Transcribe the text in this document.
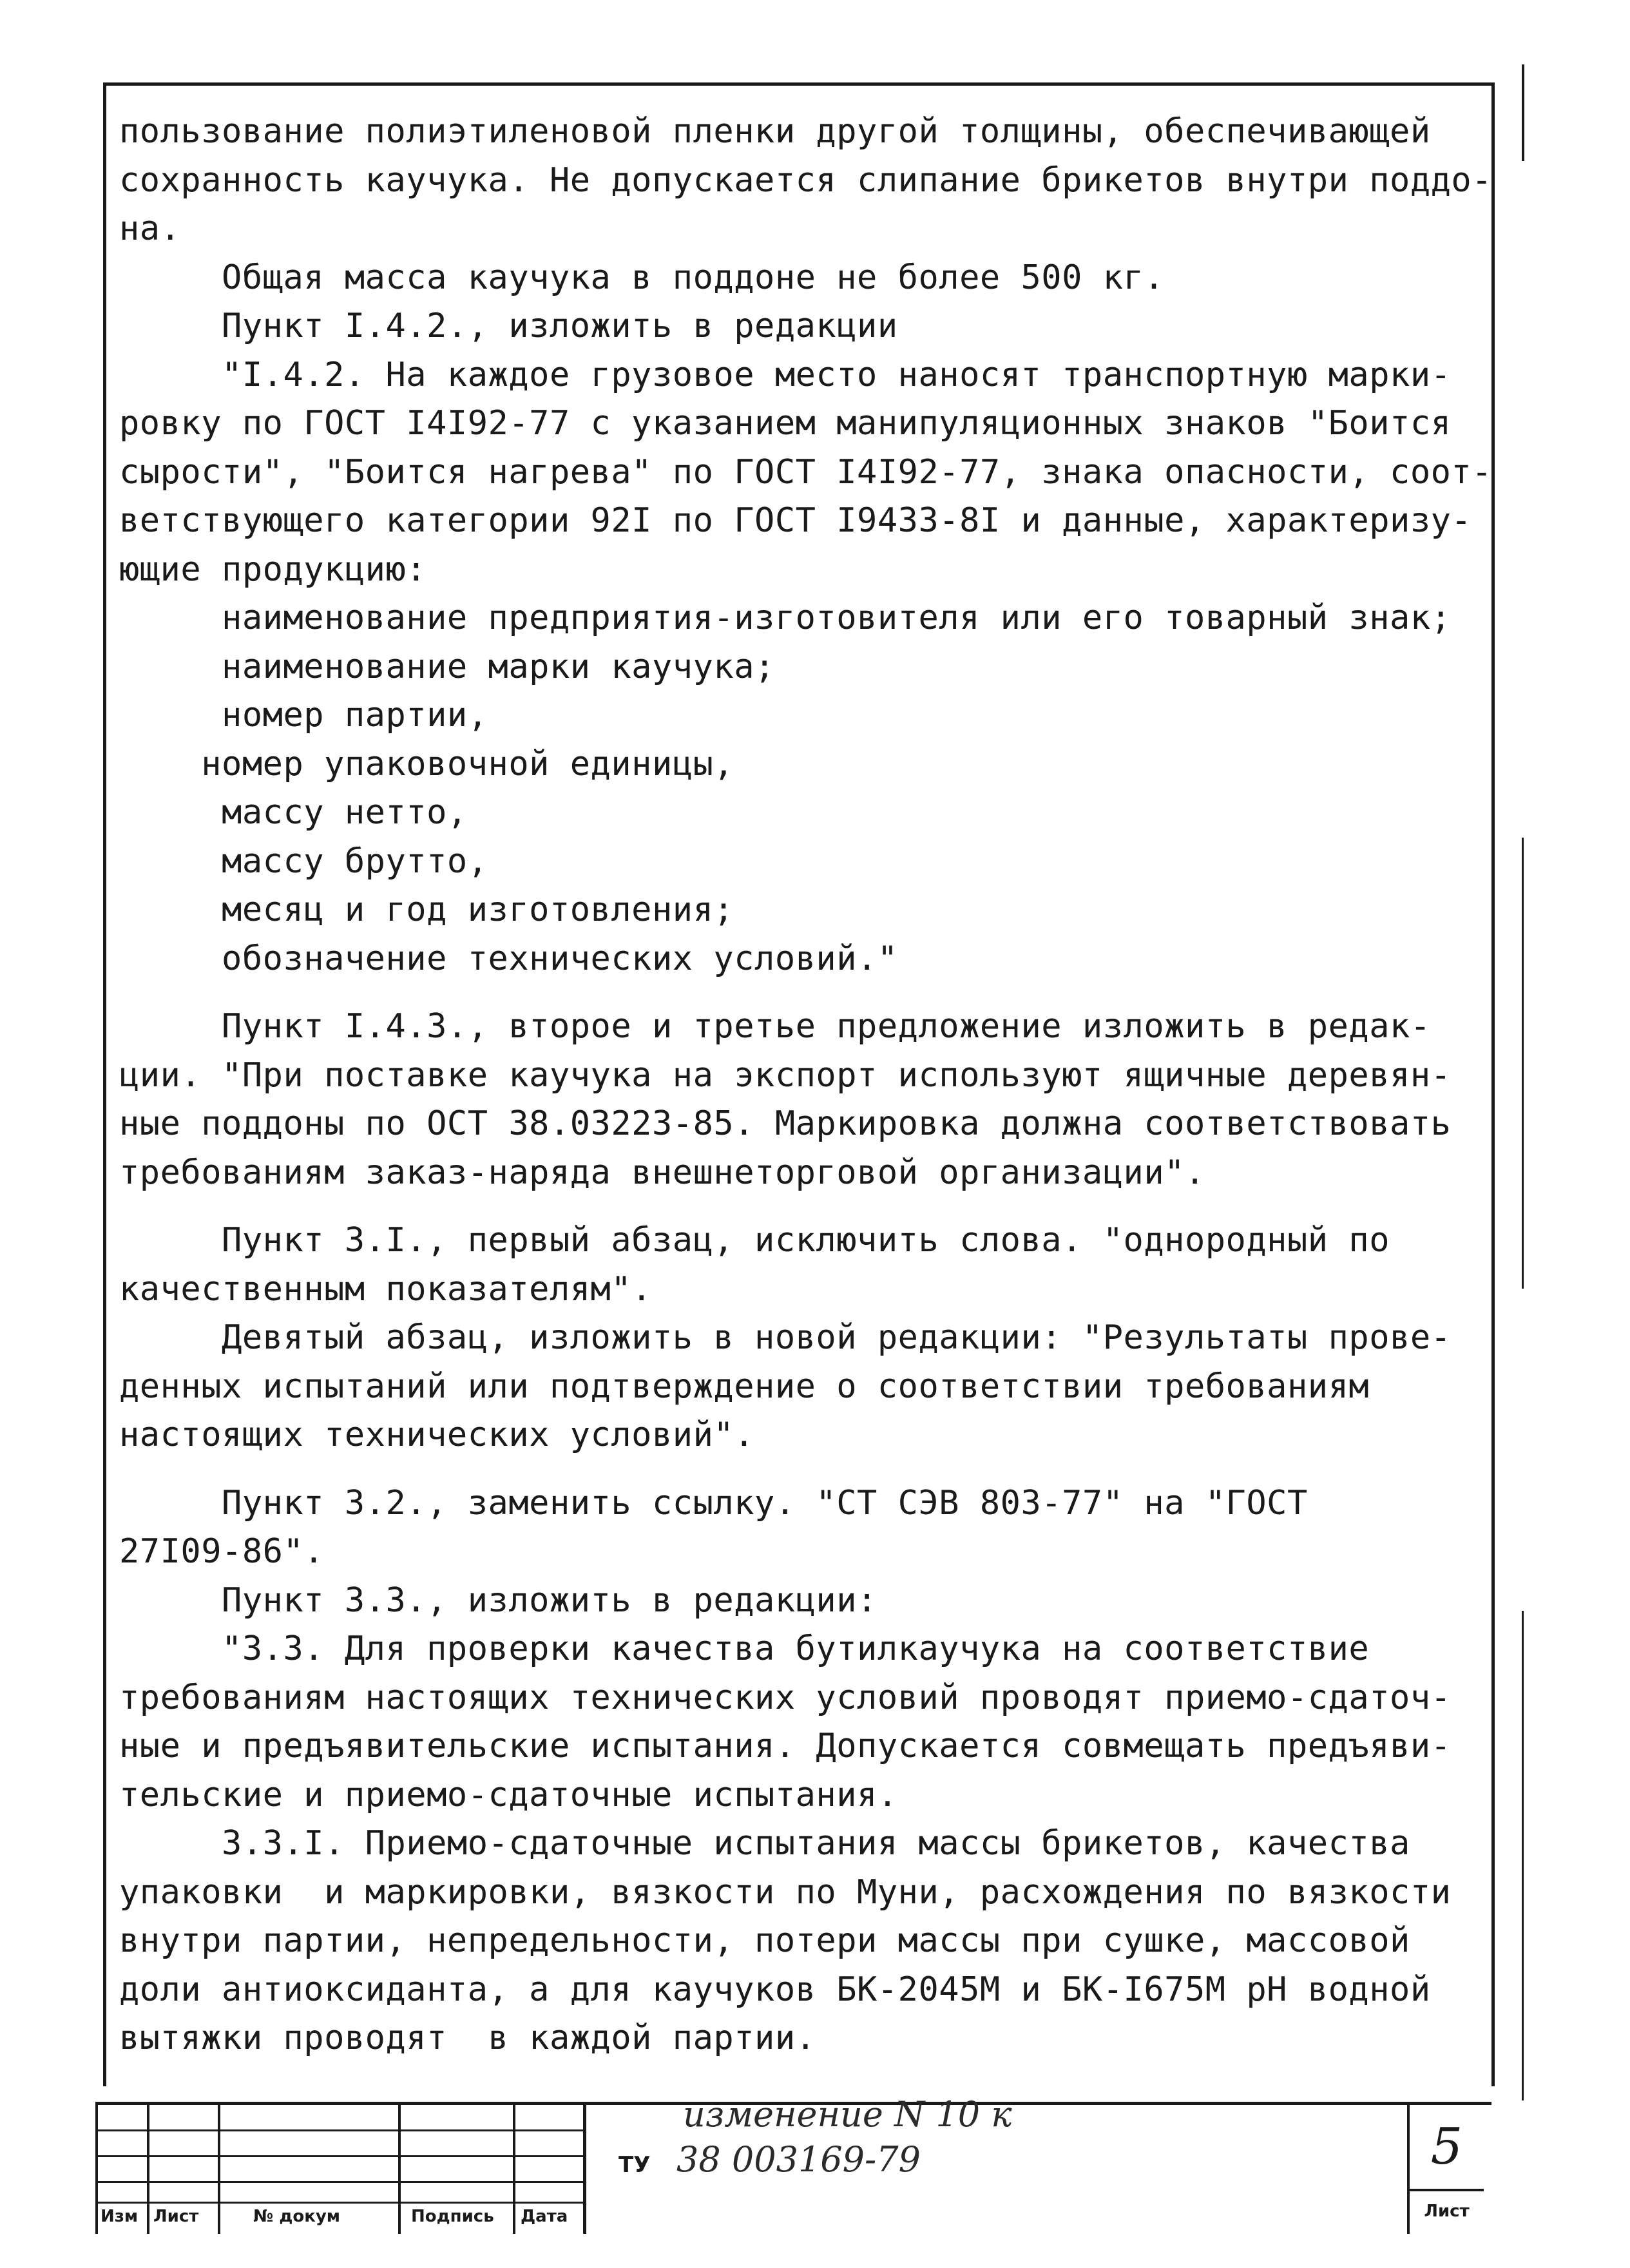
пользование полиэтиленовой пленки другой толщины, обеспечивающей
сохранность каучука. Не допускается слипание брикетов внутри поддо-
на.
Общая масса каучука в поддоне не более 500 кг.
Пункт I.4.2., изложить в редакции
"I.4.2. На каждое грузовое место наносят транспортную марки-
ровку по ГОСТ I4I92-77 с указанием манипуляционных знаков "Боится
сырости", "Боится нагрева" по ГОСТ I4I92-77, знака опасности, соот-
ветствующего категории 92I по ГОСТ I9433-8I и данные, характеризу-
ющие продукцию:
наименование предприятия-изготовителя или его товарный знак;
наименование марки каучука;
номер партии,
номер упаковочной единицы,
массу нетто,
массу брутто,
месяц и год изготовления;
обозначение технических условий."
Пункт I.4.3., второе и третье предложение изложить в редак-
ции. "При поставке каучука на экспорт используют ящичные деревян-
ные поддоны по ОСТ 38.03223-85. Маркировка должна соответствовать
требованиям заказ-наряда внешнеторговой организации".
Пункт 3.I., первый абзац, исключить слова. "однородный по
качественным показателям".
Девятый абзац, изложить в новой редакции: "Результаты прове-
денных испытаний или подтверждение о соответствии требованиям
настоящих технических условий".
Пункт 3.2., заменить ссылку. "СТ СЭВ 803-77" на "ГОСТ
27I09-86".
Пункт 3.3., изложить в редакции:
"3.3. Для проверки качества бутилкаучука на соответствие
требованиям настоящих технических условий проводят приемо-сдаточ-
ные и предъявительские испытания. Допускается совмещать предъяви-
тельские и приемо-сдаточные испытания.
3.3.I. Приемо-сдаточные испытания массы брикетов, качества
упаковки  и маркировки, вязкости по Муни, расхождения по вязкости
внутри партии, непредельности, потери массы при сушке, массовой
доли антиоксиданта, а для каучуков БК-2045М и БК-I675М рН водной
вытяжки проводят  в каждой партии.
Изм Лист	№ докум	Подпись Дата
5
Лист
изменение N 10 к
ТУ 38 003169-79
